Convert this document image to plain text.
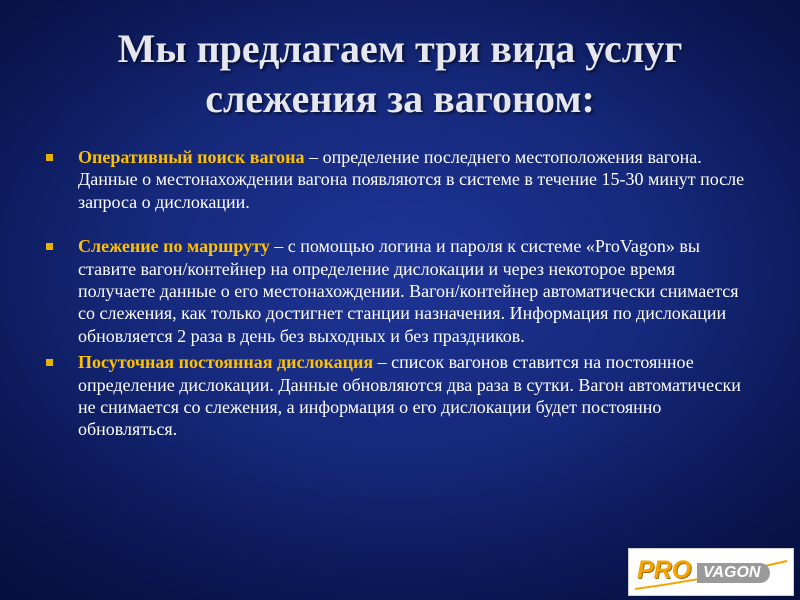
Мы предлагаем три вида услуг
слежения за вагоном:
Оперативный поиск вагона – определение последнего местоположения вагона. Данные о местонахождении вагона появляются в системе в течение 15-30 минут после запроса о дислокации.
Слежение по маршруту – с помощью логина и пароля к системе «ProVagon» вы ставите вагон/контейнер на определение дислокации и через некоторое время получаете данные о его местонахождении. Вагон/контейнер автоматически снимается со слежения, как только достигнет станции назначения. Информация по дислокации обновляется 2 раза в день без выходных и без праздников.
Посуточная постоянная дислокация – список вагонов ставится на постоянное определение дислокации. Данные обновляются два раза в сутки. Вагон автоматически не снимается со слежения, а информация о его дислокации будет постоянно обновляться.
PRO VAGON
